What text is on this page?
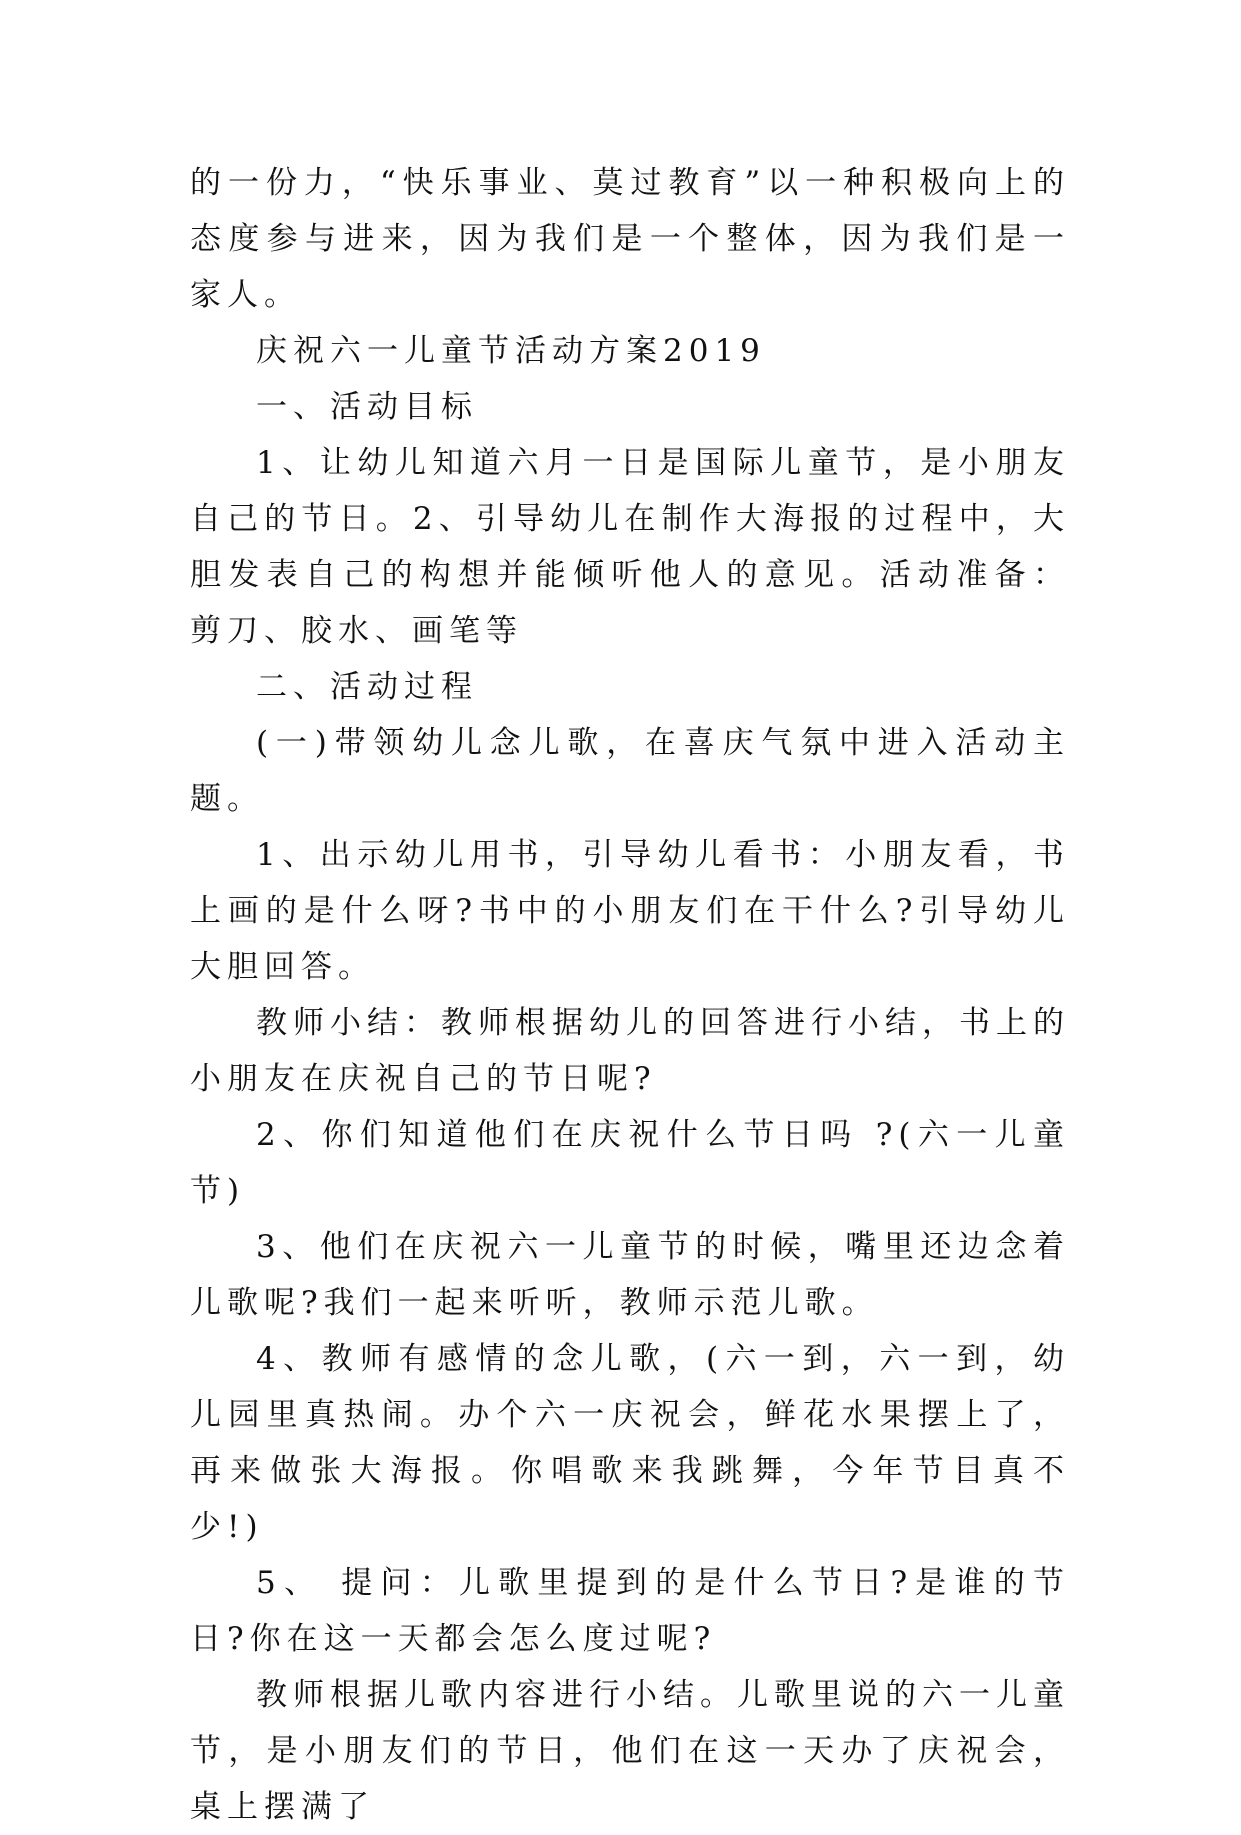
的一份力，“快乐事业、莫过教育”以一种积极向上的态度参与进来，因为我们是一个整体，因为我们是一家人。

庆祝六一儿童节活动方案2019

一、活动目标

1、让幼儿知道六月一日是国际儿童节，是小朋友自己的节日。2、引导幼儿在制作大海报的过程中，大胆发表自己的构想并能倾听他人的意见。活动准备：剪刀、胶水、画笔等

二、活动过程

(一)带领幼儿念儿歌，在喜庆气氛中进入活动主题。

1、出示幼儿用书，引导幼儿看书：小朋友看，书上画的是什么呀?书中的小朋友们在干什么?引导幼儿大胆回答。

教师小结：教师根据幼儿的回答进行小结，书上的小朋友在庆祝自己的节日呢?

2、你们知道他们在庆祝什么节日吗 ?(六一儿童节)

3、他们在庆祝六一儿童节的时候，嘴里还边念着儿歌呢?我们一起来听听，教师示范儿歌。

4、教师有感情的念儿歌，(六一到，六一到，幼儿园里真热闹。办个六一庆祝会，鲜花水果摆上了，再来做张大海报。你唱歌来我跳舞，今年节目真不少!)

5、 提问：儿歌里提到的是什么节日?是谁的节日?你在这一天都会怎么度过呢?

教师根据儿歌内容进行小结。儿歌里说的六一儿童节，是小朋友们的节日，他们在这一天办了庆祝会，桌上摆满了
